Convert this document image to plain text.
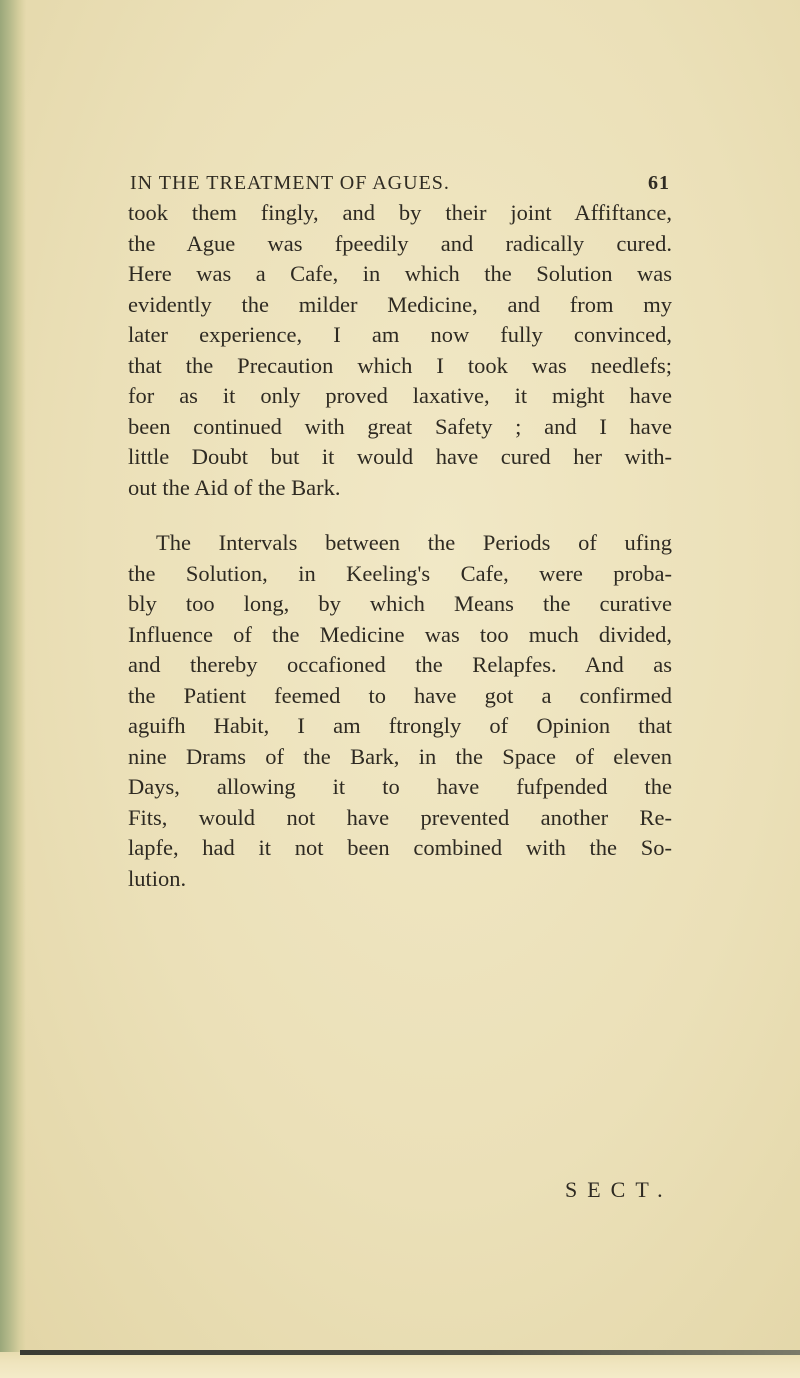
IN THE TREATMENT OF AGUES.	61
took them fingly, and by their joint Affiftance,
the Ague was fpeedily and radically cured.
Here was a Cafe, in which the Solution was
evidently the milder Medicine, and from my
later experience, I am now fully convinced,
that the Precaution which I took was needlefs;
for as it only proved laxative, it might have
been continued with great Safety ; and I have
little Doubt but it would have cured her with-
out the Aid of the Bark.
The Intervals between the Periods of ufing
the Solution, in Keeling's Cafe, were proba-
bly too long, by which Means the curative
Influence of the Medicine was too much divided,
and thereby occafioned the Relapfes. And as
the Patient feemed to have got a confirmed
aguifh Habit, I am ftrongly of Opinion that
nine Drams of the Bark, in the Space of eleven
Days, allowing it to have fufpended the
Fits, would not have prevented another Re-
lapfe, had it not been combined with the So-
lution.
SECT.
